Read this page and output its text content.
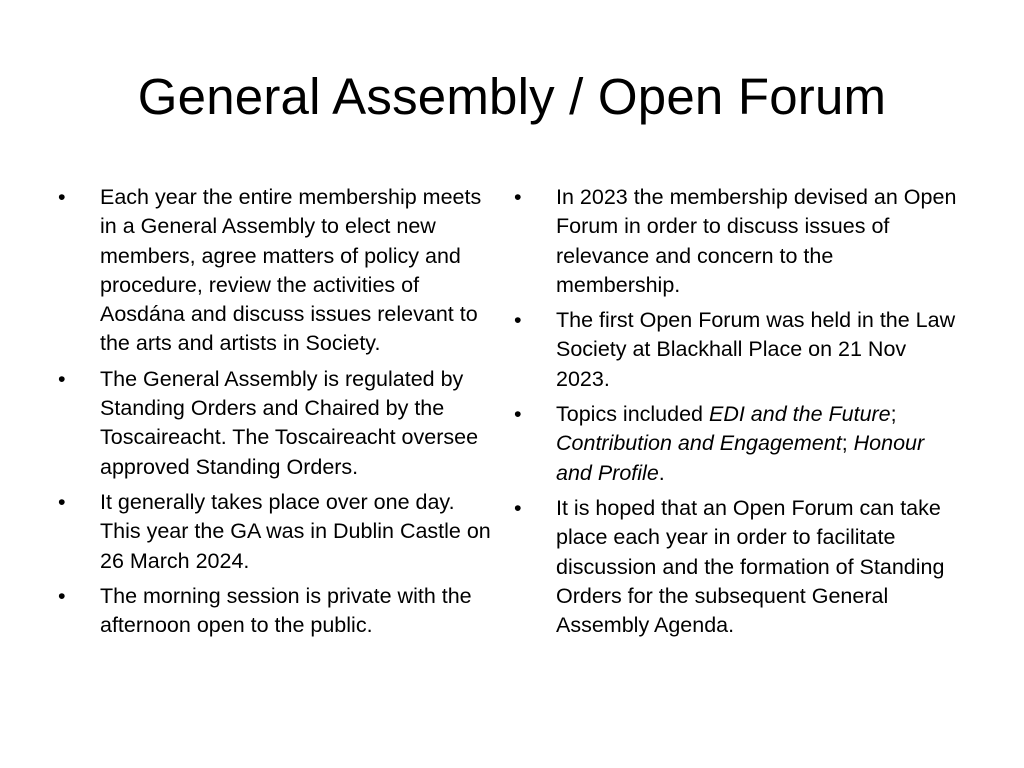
General Assembly / Open Forum
•	Each year the entire membership meets in a General Assembly to elect new members, agree matters of policy and procedure, review the activities of Aosdána and discuss issues relevant to the arts and artists in Society.
•	The General Assembly is regulated by Standing Orders and Chaired by the Toscaireacht. The Toscaireacht oversee approved Standing Orders.
•	It generally takes place over one day. This year the GA was in Dublin Castle on 26 March 2024.
•	The morning session is private with the afternoon open to the public.
•	In 2023 the membership devised an Open Forum in order to discuss issues of relevance and concern to the membership.
•	The first Open Forum was held in the Law Society at Blackhall Place on 21 Nov 2023.
•	Topics included EDI and the Future; Contribution and Engagement; Honour and Profile.
•	It is hoped that an Open Forum can take place each year in order to facilitate discussion and the formation of Standing Orders for the subsequent General Assembly Agenda.
